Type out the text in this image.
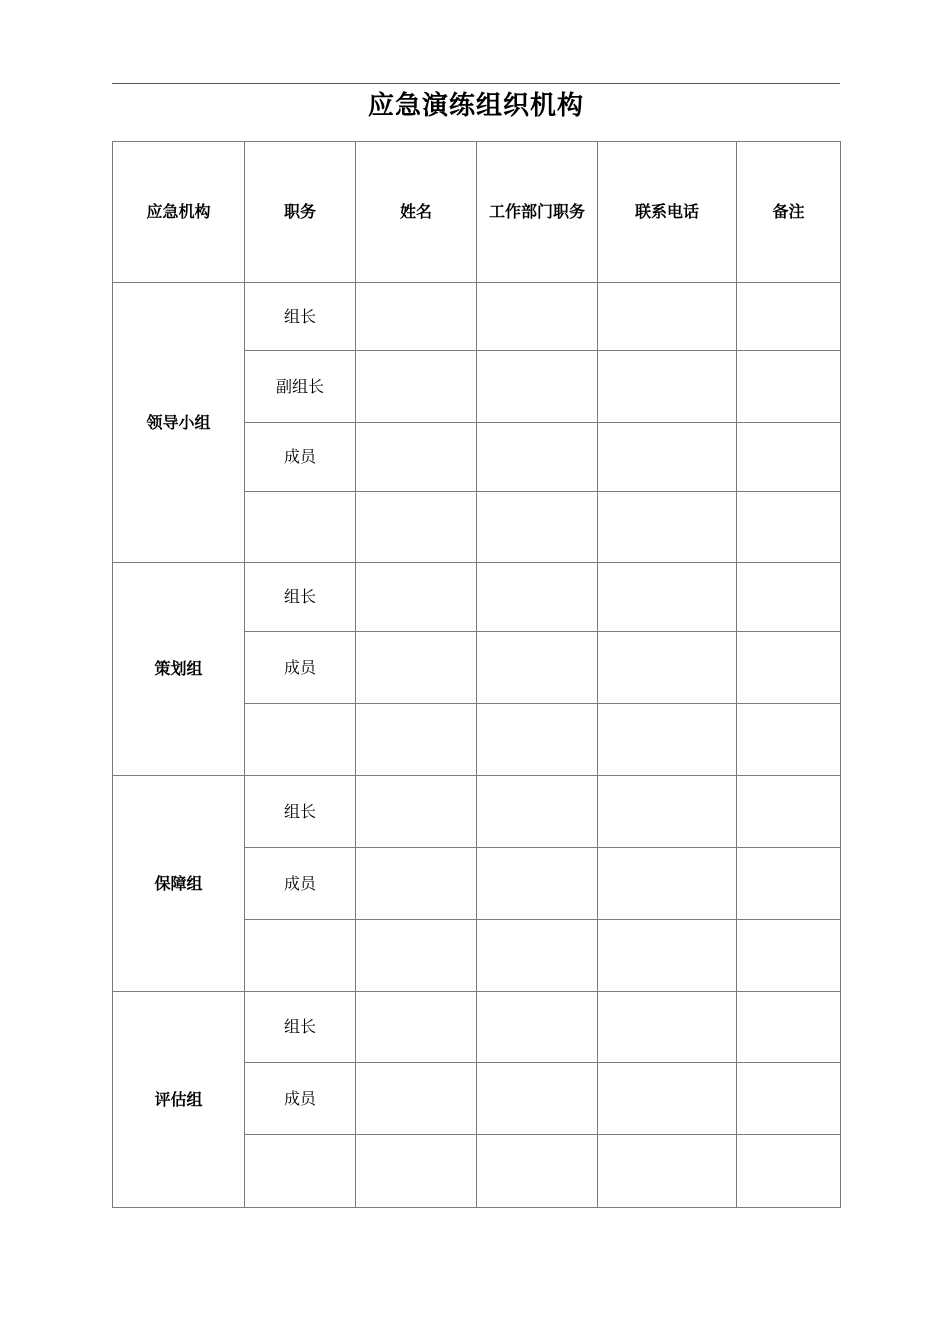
应急演练组织机构
应急机构	职务	姓名	工作部门职务	联系电话	备注
领导小组	组长				
	副组长				
	成员				

策划组	组长				
	成员				

保障组	组长				
	成员				

评估组	组长				
	成员				
